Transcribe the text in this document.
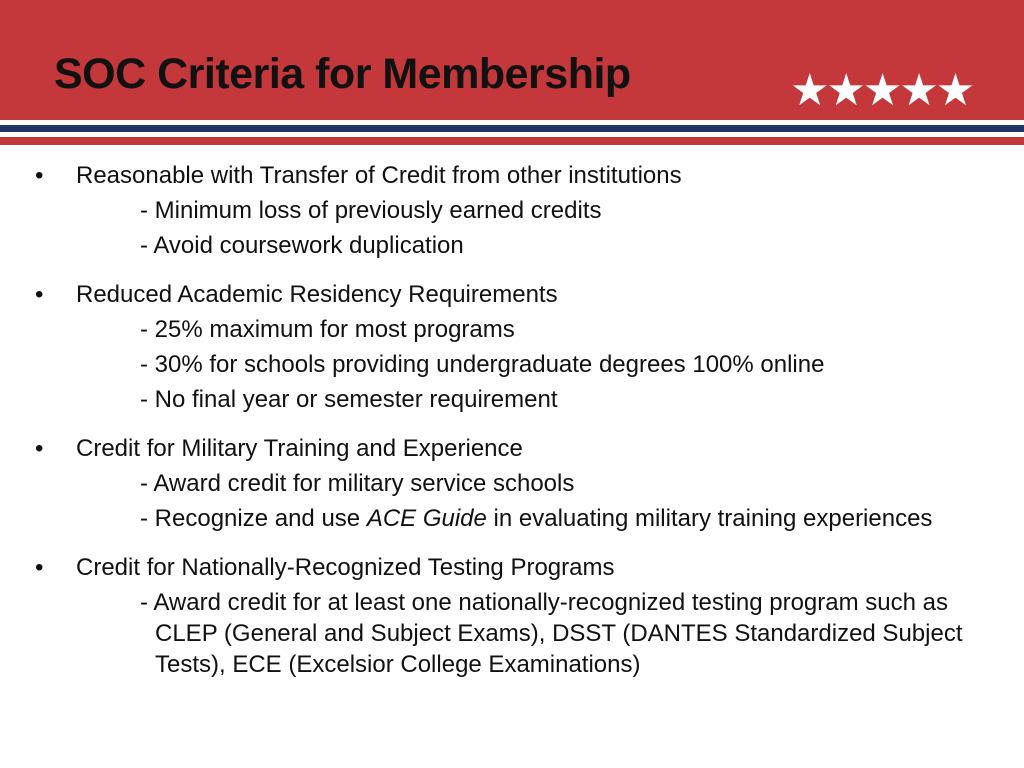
SOC Criteria for Membership	★★★★★
• Reasonable with Transfer of Credit from other institutions
- Minimum loss of previously earned credits
- Avoid coursework duplication
• Reduced Academic Residency Requirements
- 25% maximum for most programs
- 30% for schools providing undergraduate degrees 100% online
- No final year or semester requirement
• Credit for Military Training and Experience
- Award credit for military service schools
- Recognize and use ACE Guide in evaluating military training experiences
• Credit for Nationally-Recognized Testing Programs
- Award credit for at least one nationally-recognized testing program such as CLEP (General and Subject Exams), DSST (DANTES Standardized Subject Tests), ECE (Excelsior College Examinations)
